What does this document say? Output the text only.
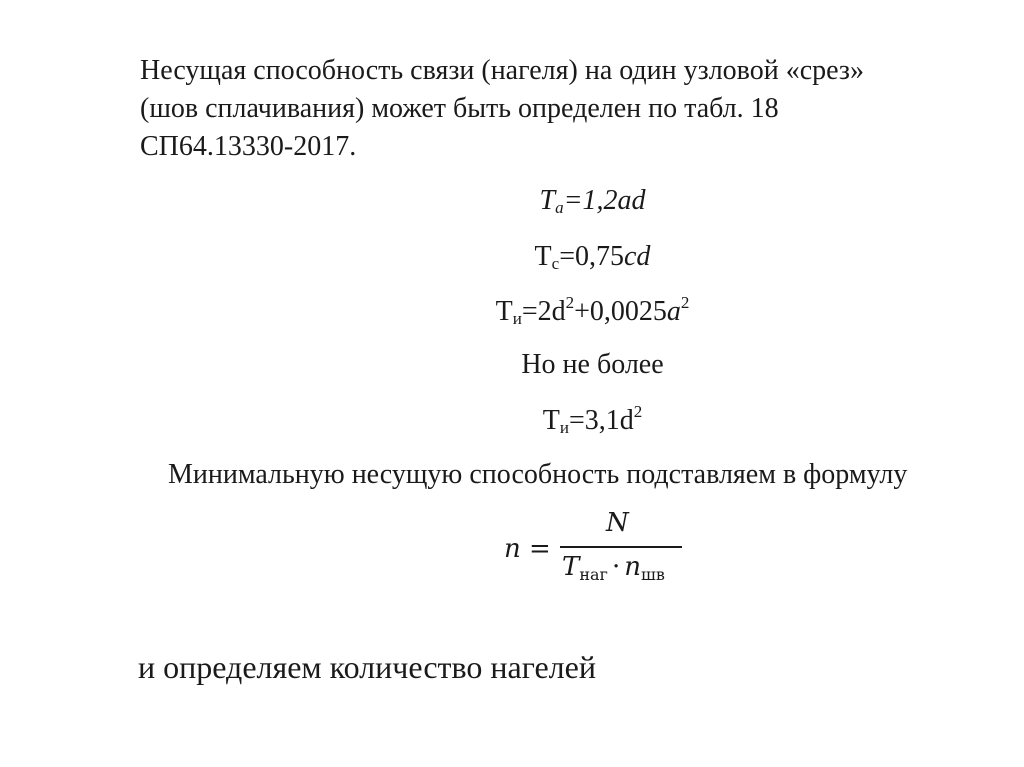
Несущая способность связи (нагеля) на один узловой «срез»
(шов сплачивания) может быть определен по табл. 18
СП64.13330-2017.

$T_a=1,2ad$
$T_c=0,75cd$
$T_и=2d^2+0,0025a^2$
Но не более
$T_и=3,1d^2$
Минимальную несущую способность подставляем в формулу
n =
N
$T_{наг} \cdot n_{шв}$
и определяем количество нагелей
